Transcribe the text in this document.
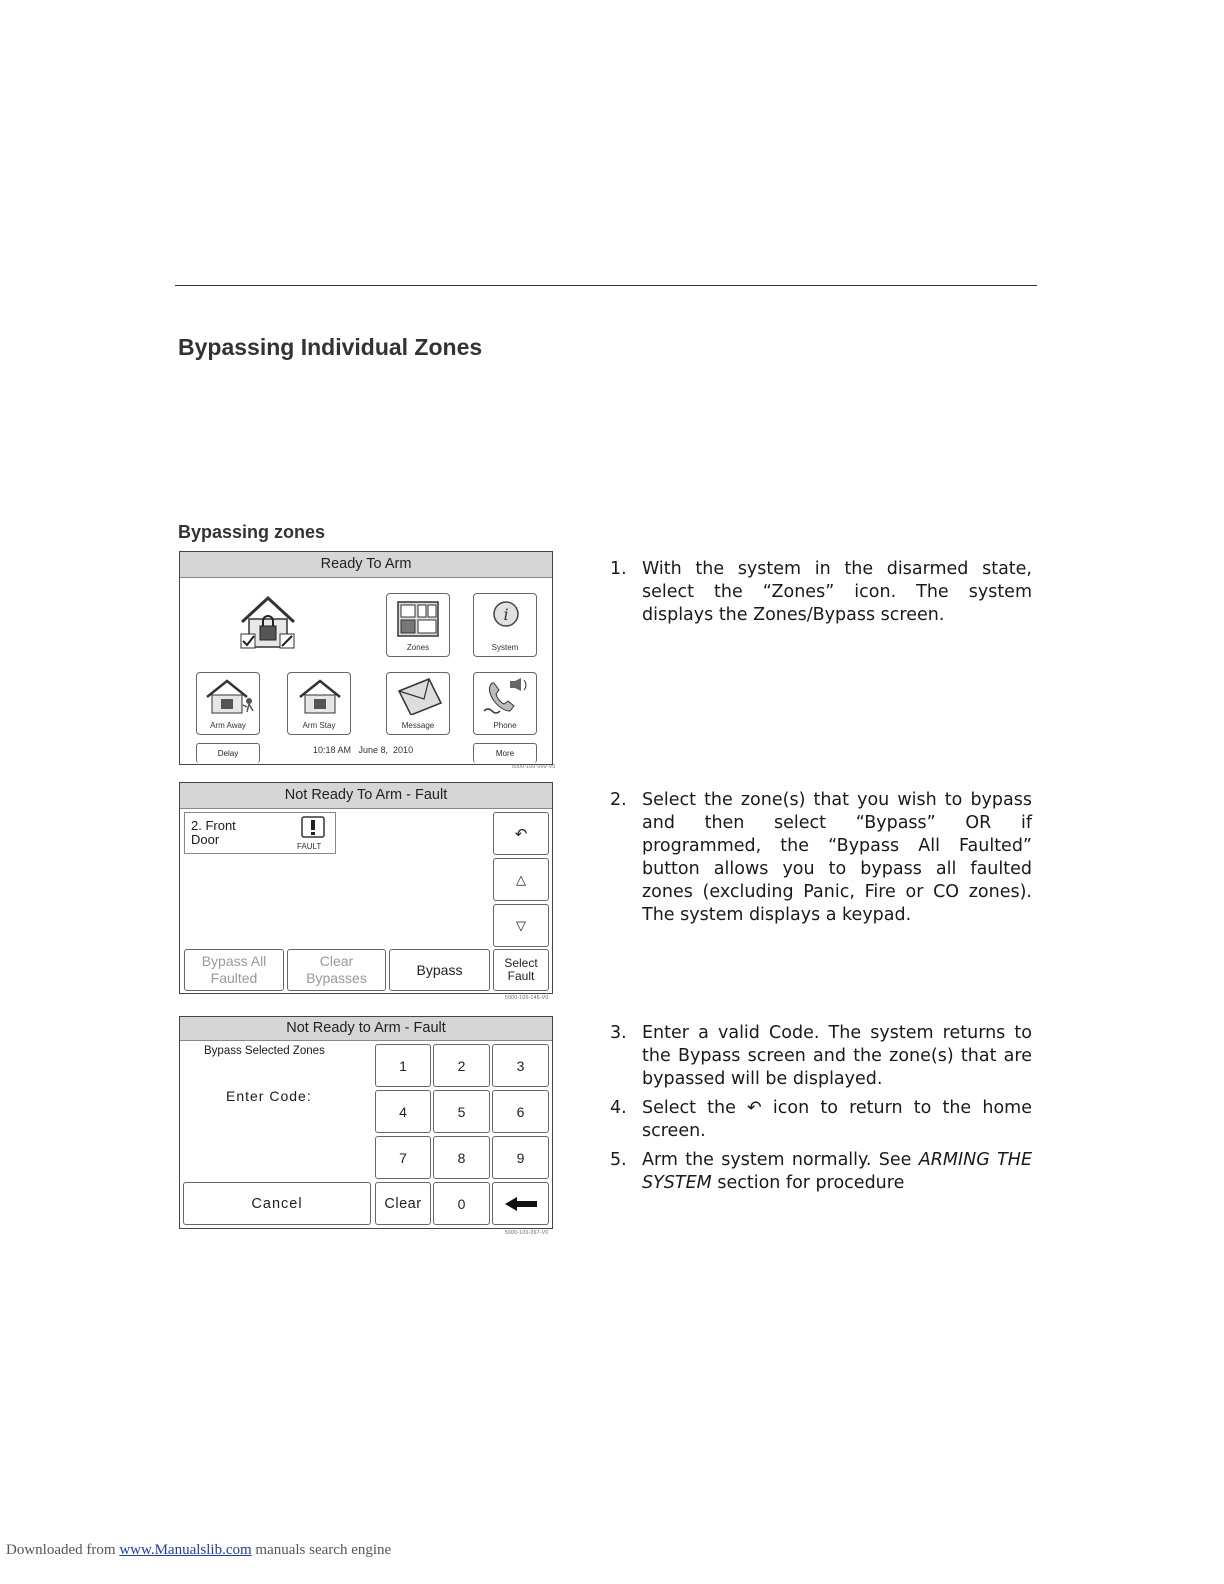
Bypassing Individual Zones
Bypassing zones
Ready To Arm
Zones
i
System
Arm Away	Arm Stay	Message	Phone
Delay	10:18 AM   June 8,  2010	More
5000-100-000-V0
Not Ready To Arm - Fault
2. Front
Door	FAULT
↶
△
▽
Bypass All
Faulted
Clear
Bypasses	Bypass	Select
Fault
5000-100-145-V0
Not Ready to Arm - Fault
Bypass Selected Zones
Enter Code:
1	2	3
4	5	6
7	8	9
Cancel	Clear	0
5000-100-067-V0
1. With the system in the disarmed state, select the “Zones” icon. The system displays the Zones/Bypass screen.
2. Select the zone(s) that you wish to bypass and then select “Bypass” OR if programmed, the “Bypass All Faulted” button allows you to bypass all faulted zones (excluding Panic, Fire or CO zones). The system displays a keypad.
3. Enter a valid Code. The system returns to the Bypass screen and the zone(s) that are bypassed will be displayed.
4. Select the ↶ icon to return to the home screen.
5. Arm the system normally. See ARMING THE SYSTEM section for procedure
Downloaded from www.Manualslib.com manuals search engine
